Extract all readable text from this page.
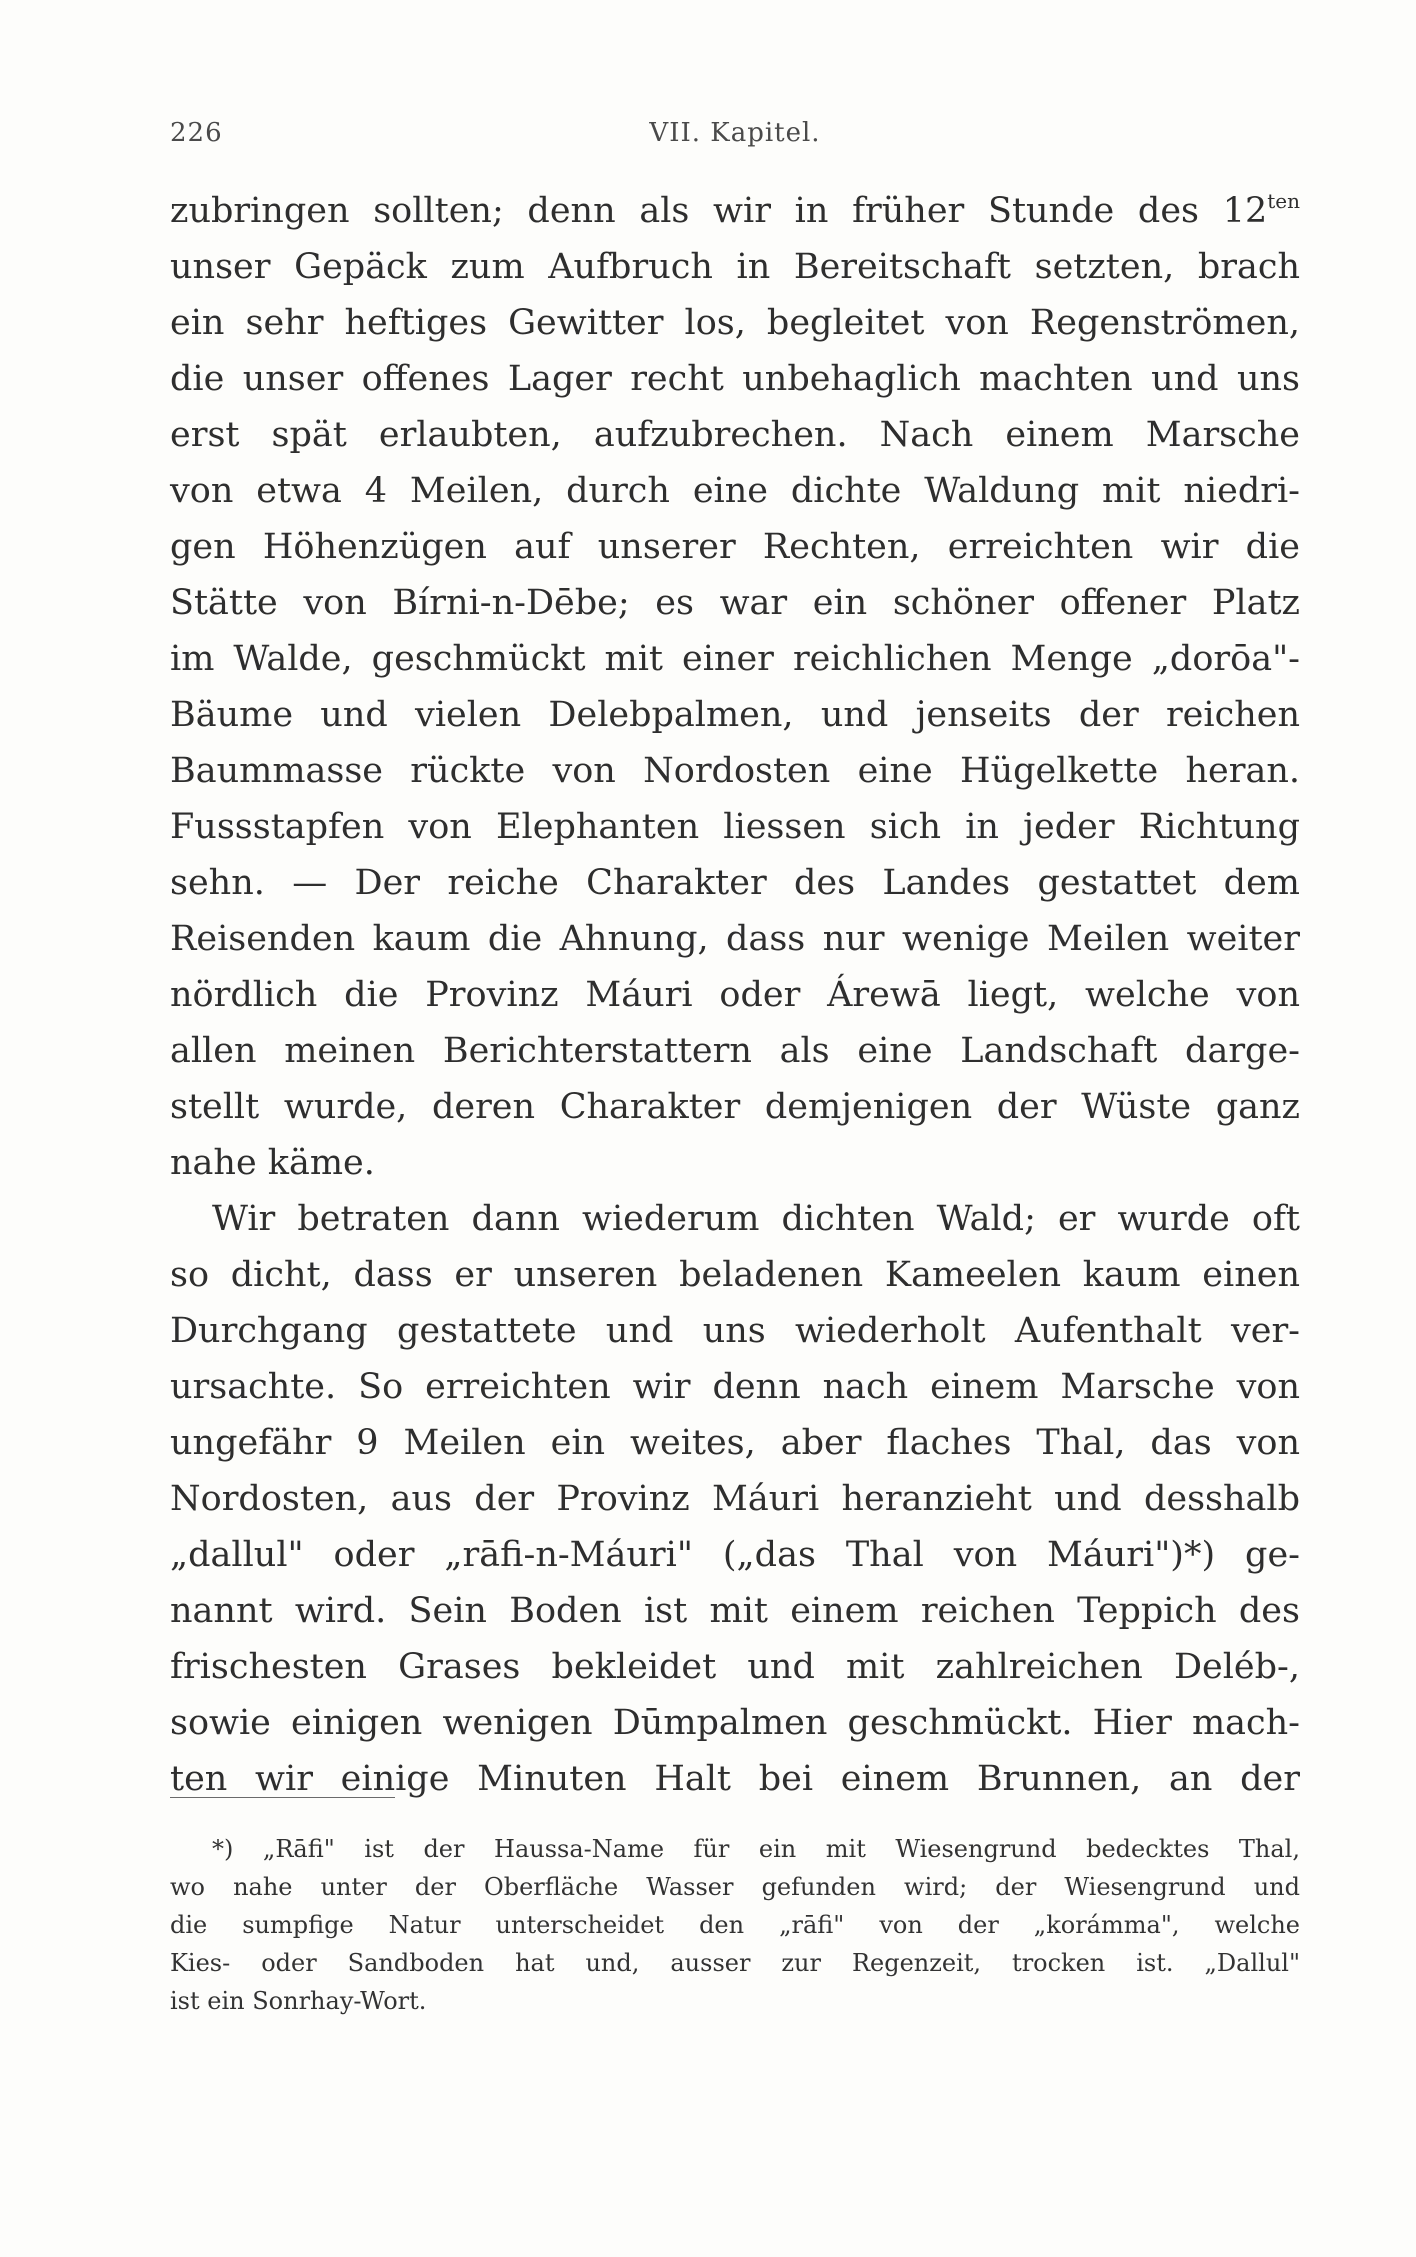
226	VII. Kapitel.
zubringen sollten; denn als wir in früher Stunde des $12^{ten}$
unser Gepäck zum Aufbruch in Bereitschaft setzten, brach
ein sehr heftiges Gewitter los, begleitet von Regenströmen,
die unser offenes Lager recht unbehaglich machten und uns
erst spät erlaubten, aufzubrechen. Nach einem Marsche
von etwa 4 Meilen, durch eine dichte Waldung mit niedri-
gen Höhenzügen auf unserer Rechten, erreichten wir die
Stätte von Bírni-n-Dēbe; es war ein schöner offener Platz
im Walde, geschmückt mit einer reichlichen Menge „dorōa"-
Bäume und vielen Delebpalmen, und jenseits der reichen
Baummasse rückte von Nordosten eine Hügelkette heran.
Fussstapfen von Elephanten liessen sich in jeder Richtung
sehn. — Der reiche Charakter des Landes gestattet dem
Reisenden kaum die Ahnung, dass nur wenige Meilen weiter
nördlich die Provinz Máuri oder Árewā liegt, welche von
allen meinen Berichterstattern als eine Landschaft darge-
stellt wurde, deren Charakter demjenigen der Wüste ganz
nahe käme.
Wir betraten dann wiederum dichten Wald; er wurde oft
so dicht, dass er unseren beladenen Kameelen kaum einen
Durchgang gestattete und uns wiederholt Aufenthalt ver-
ursachte. So erreichten wir denn nach einem Marsche von
ungefähr 9 Meilen ein weites, aber flaches Thal, das von
Nordosten, aus der Provinz Máuri heranzieht und desshalb
„dallul" oder „rāfi-n-Máuri" („das Thal von Máuri")*) ge-
nannt wird. Sein Boden ist mit einem reichen Teppich des
frischesten Grases bekleidet und mit zahlreichen Deléb-,
sowie einigen wenigen Dūmpalmen geschmückt. Hier mach-
ten wir einige Minuten Halt bei einem Brunnen, an der
*) „Rāfi" ist der Haussa-Name für ein mit Wiesengrund bedecktes Thal,
wo nahe unter der Oberfläche Wasser gefunden wird; der Wiesengrund und
die sumpfige Natur unterscheidet den „rāfi" von der „korámma", welche
Kies- oder Sandboden hat und, ausser zur Regenzeit, trocken ist. „Dallul"
ist ein Sonrhay-Wort.
